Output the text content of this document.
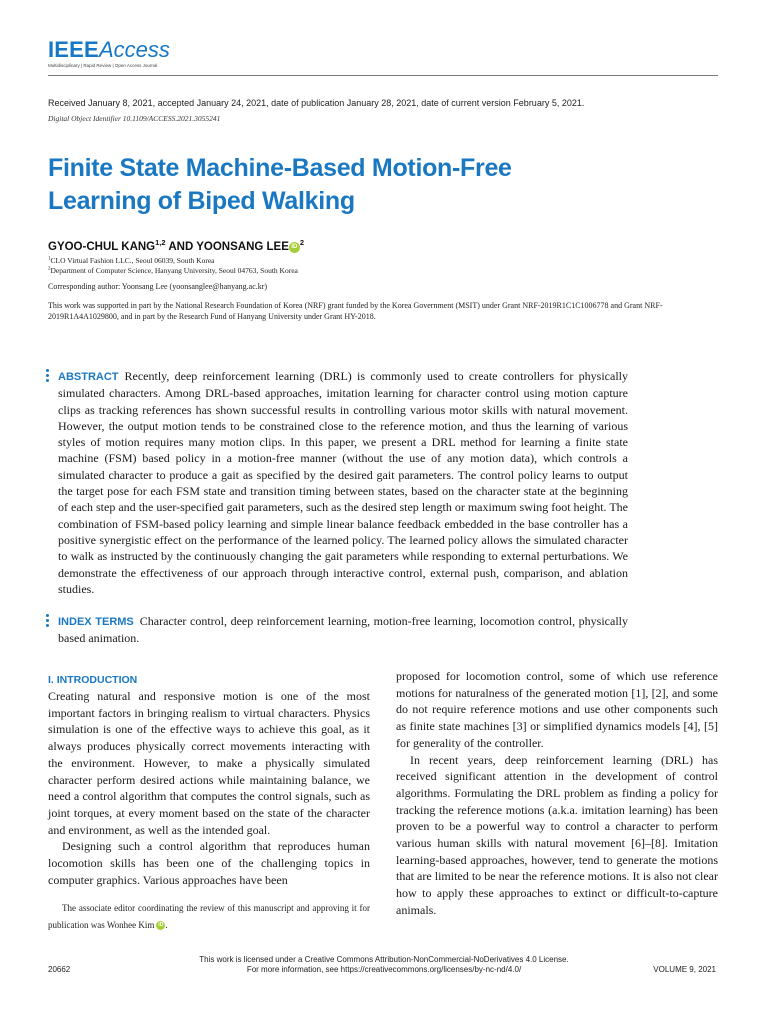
IEEEAccess
Multidisciplinary | Rapid Review | Open Access Journal
Received January 8, 2021, accepted January 24, 2021, date of publication January 28, 2021, date of current version February 5, 2021.
Digital Object Identifier 10.1109/ACCESS.2021.3055241
Finite State Machine-Based Motion-Free
Learning of Biped Walking
GYOO-CHUL KANG$^{1,2}$ AND YOONSANG LEE iD $^2$
$^1$CLO Virtual Fashion LLC., Seoul 06039, South Korea
$^2$Department of Computer Science, Hanyang University, Seoul 04763, South Korea
Corresponding author: Yoonsang Lee (yoonsanglee@hanyang.ac.kr)
This work was supported in part by the National Research Foundation of Korea (NRF) grant funded by the Korea Government (MSIT) under Grant NRF-2019R1C1C1006778 and Grant NRF-2019R1A4A1029800, and in part by the Research Fund of Hanyang University under Grant HY-2018.
ABSTRACT Recently, deep reinforcement learning (DRL) is commonly used to create controllers for physically simulated characters. Among DRL-based approaches, imitation learning for character control using motion capture clips as tracking references has shown successful results in controlling various motor skills with natural movement. However, the output motion tends to be constrained close to the reference motion, and thus the learning of various styles of motion requires many motion clips. In this paper, we present a DRL method for learning a finite state machine (FSM) based policy in a motion-free manner (without the use of any motion data), which controls a simulated character to produce a gait as specified by the desired gait parameters. The control policy learns to output the target pose for each FSM state and transition timing between states, based on the character state at the beginning of each step and the user-specified gait parameters, such as the desired step length or maximum swing foot height. The combination of FSM-based policy learning and simple linear balance feedback embedded in the base controller has a positive synergistic effect on the performance of the learned policy. The learned policy allows the simulated character to walk as instructed by the continuously changing the gait parameters while responding to external perturbations. We demonstrate the effectiveness of our approach through interactive control, external push, comparison, and ablation studies.
INDEX TERMS Character control, deep reinforcement learning, motion-free learning, locomotion control, physically based animation.
I. INTRODUCTION

Creating natural and responsive motion is one of the most important factors in bringing realism to virtual characters. Physics simulation is one of the effective ways to achieve this goal, as it always produces physically correct movements interacting with the environment. However, to make a physically simulated character perform desired actions while maintaining balance, we need a control algorithm that computes the control signals, such as joint torques, at every moment based on the state of the character and environment, as well as the intended goal.

Designing such a control algorithm that reproduces human locomotion skills has been one of the challenging topics in computer graphics. Various approaches have been

proposed for locomotion control, some of which use reference motions for naturalness of the generated motion [1], [2], and some do not require reference motions and use other components such as finite state machines [3] or simplified dynamics models [4], [5] for generality of the controller.

In recent years, deep reinforcement learning (DRL) has received significant attention in the development of control algorithms. Formulating the DRL problem as finding a policy for tracking the reference motions (a.k.a. imitation learning) has been proven to be a powerful way to control a character to perform various human skills with natural movement [6]–[8]. Imitation learning-based approaches, however, tend to generate the motions that are limited to be near the reference motions. It is also not clear how to apply these approaches to extinct or difficult-to-capture animals.

The associate editor coordinating the review of this manuscript and approving it for publication was Wonhee Kim iD .
This work is licensed under a Creative Commons Attribution-NonCommercial-NoDerivatives 4.0 License.
For more information, see https://creativecommons.org/licenses/by-nc-nd/4.0/
20662	VOLUME 9, 2021
